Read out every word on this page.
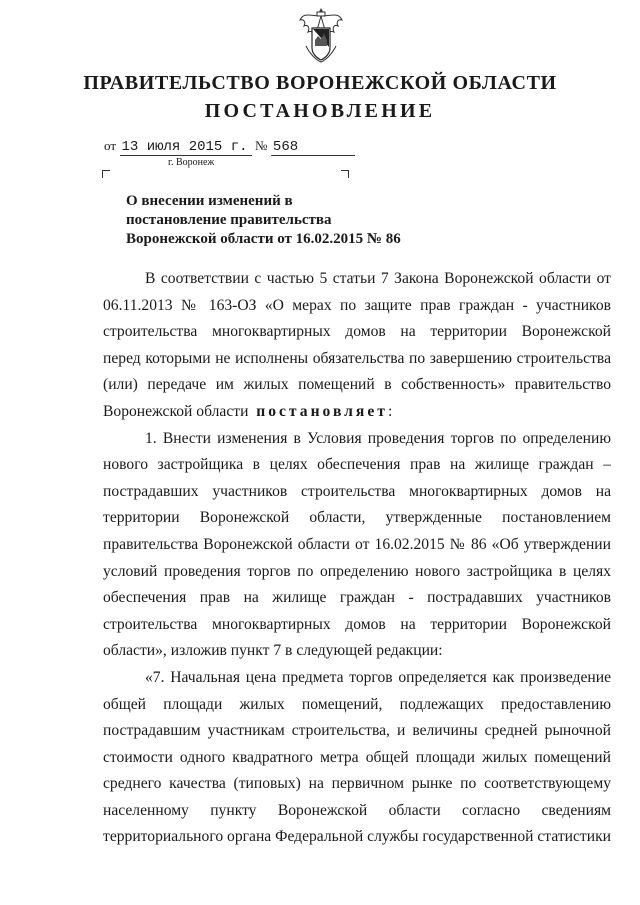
ПРАВИТЕЛЬСТВО ВОРОНЕЖСКОЙ ОБЛАСТИ
ПОСТАНОВЛЕНИЕ
от 13 июля 2015 г. № 568
г. Воронеж
О внесении изменений в
постановление правительства
Воронежской области от 16.02.2015 № 86
В соответствии с частью 5 статьи 7 Закона Воронежской области от
06.11.2013 № 163-ОЗ «О мерах по защите прав граждан - участников
строительства многоквартирных домов на территории Воронежской
перед которыми не исполнены обязательства по завершению строительства
(или) передаче им жилых помещений в собственность» правительство
Воронежской области постановляет:
1. Внести изменения в Условия проведения торгов по определению
нового застройщика в целях обеспечения прав на жилище граждан –
пострадавших участников строительства многоквартирных домов на
территории Воронежской области, утвержденные постановлением
правительства Воронежской области от 16.02.2015 № 86 «Об утверждении
условий проведения торгов по определению нового застройщика в целях
обеспечения прав на жилище граждан - пострадавших участников
строительства многоквартирных домов на территории Воронежской
области», изложив пункт 7 в следующей редакции:
«7. Начальная цена предмета торгов определяется как произведение
общей площади жилых помещений, подлежащих предоставлению
пострадавшим участникам строительства, и величины средней рыночной
стоимости одного квадратного метра общей площади жилых помещений
среднего качества (типовых) на первичном рынке по соответствующему
населенному пункту Воронежской области согласно сведениям
территориального органа Федеральной службы государственной статистики
